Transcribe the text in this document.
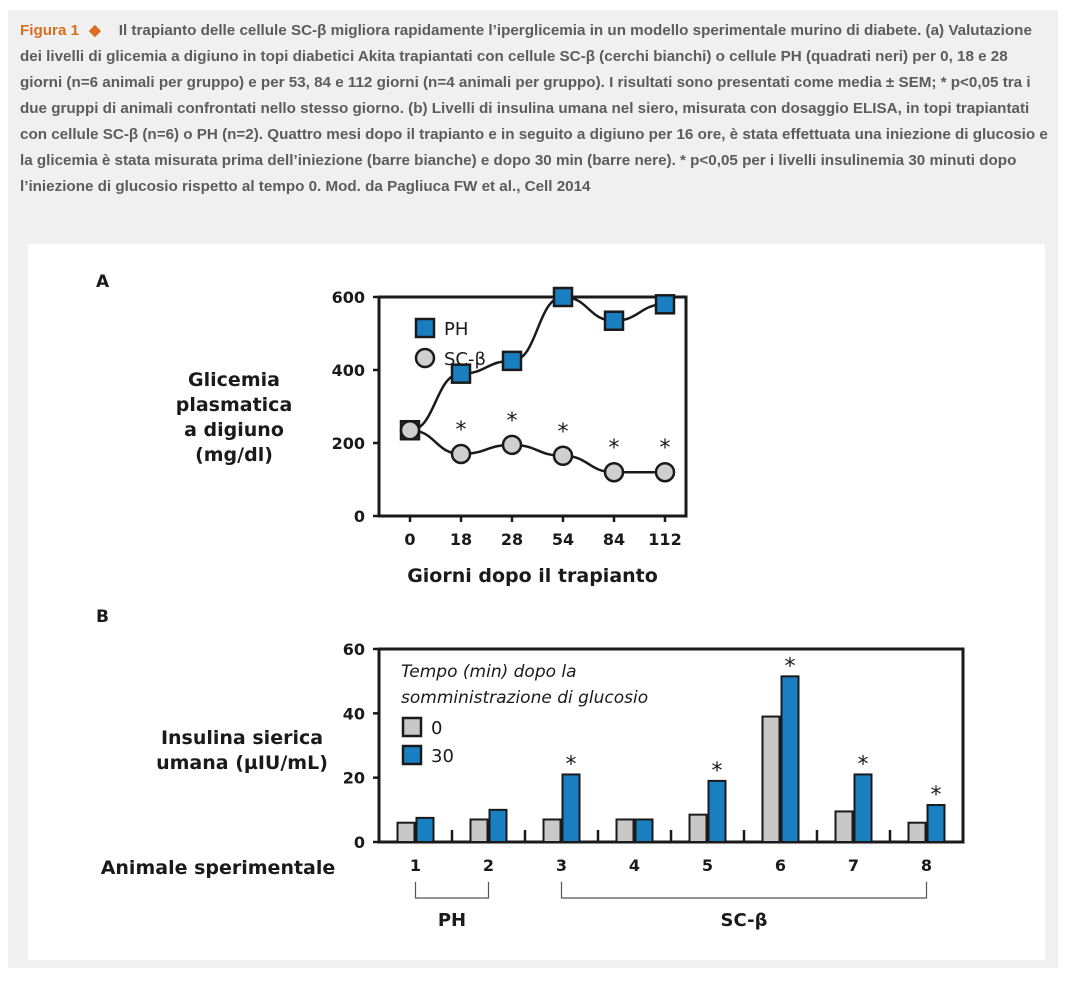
Figura 1 ◆ Il trapianto delle cellule SC-β migliora rapidamente l’iperglicemia in un modello sperimentale murino di diabete. (a) Valutazione dei livelli di glicemia a digiuno in topi diabetici Akita trapiantati con cellule SC-β (cerchi bianchi) o cellule PH (quadrati neri) per 0, 18 e 28 giorni (n=6 animali per gruppo) e per 53, 84 e 112 giorni (n=4 animali per gruppo). I risultati sono presentati come media ± SEM; * p<0,05 tra i due gruppi di animali confrontati nello stesso giorno. (b) Livelli di insulina umana nel siero, misurata con dosaggio ELISA, in topi trapiantati con cellule SC-β (n=6) o PH (n=2). Quattro mesi dopo il trapianto e in seguito a digiuno per 16 ore, è stata effettuata una iniezione di glucosio e la glicemia è stata misurata prima dell’iniezione (barre bianche) e dopo 30 min (barre nere). * p<0,05 per i livelli insulinemia 30 minuti dopo l’iniezione di glucosio rispetto al tempo 0. Mod. da Pagliuca FW et al., Cell 2014
A
B
0
200
400
600
0 18 28 54 84 112
Giorni dopo il trapianto
Glicemia
plasmatica
a digiuno
(mg/dl)
* * *
* *
PH
SC-β
0
20
40
60
1	2
*
3	4
*
5
*
6
*
7
*
8
Animale sperimentale
Insulina sierica
umana (µIU/mL)
Tempo (min) dopo la
somministrazione di glucosio
0
30
PH	SC-β
